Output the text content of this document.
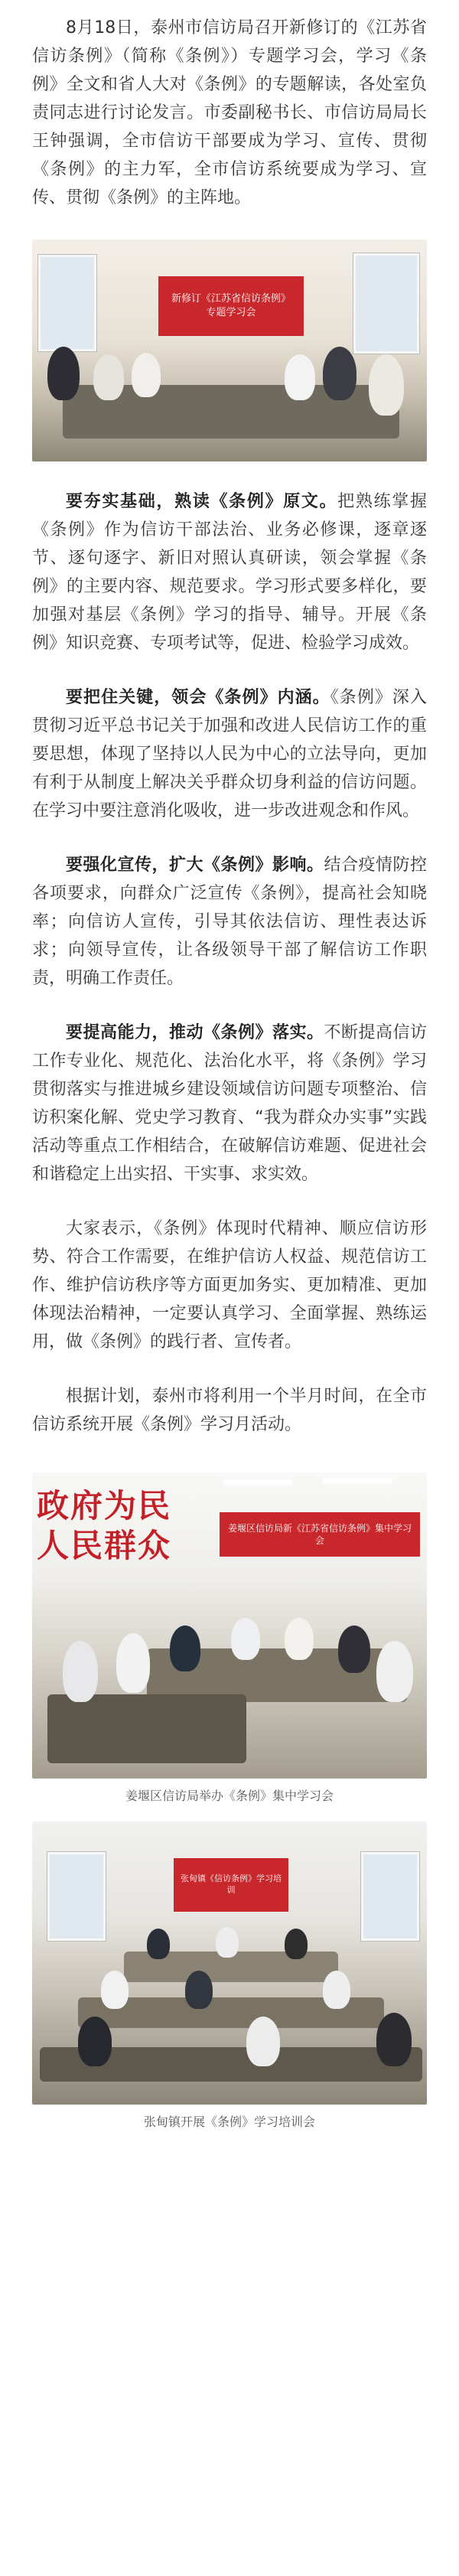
8月18日，泰州市信访局召开新修订的《江苏省信访条例》（简称《条例》）专题学习会，学习《条例》全文和省人大对《条例》的专题解读，各处室负责同志进行讨论发言。市委副秘书长、市信访局局长王钟强调，全市信访干部要成为学习、宣传、贯彻《条例》的主力军，全市信访系统要成为学习、宣传、贯彻《条例》的主阵地。

新修订《江苏省信访条例》
专题学习会

要夯实基础，熟读《条例》原文。把熟练掌握《条例》作为信访干部法治、业务必修课，逐章逐节、逐句逐字、新旧对照认真研读，领会掌握《条例》的主要内容、规范要求。学习形式要多样化，要加强对基层《条例》学习的指导、辅导。开展《条例》知识竞赛、专项考试等，促进、检验学习成效。

要把住关键，领会《条例》内涵。《条例》深入贯彻习近平总书记关于加强和改进人民信访工作的重要思想，体现了坚持以人民为中心的立法导向，更加有利于从制度上解决关乎群众切身利益的信访问题。在学习中要注意消化吸收，进一步改进观念和作风。

要强化宣传，扩大《条例》影响。结合疫情防控各项要求，向群众广泛宣传《条例》，提高社会知晓率；向信访人宣传，引导其依法信访、理性表达诉求；向领导宣传，让各级领导干部了解信访工作职责，明确工作责任。

要提高能力，推动《条例》落实。不断提高信访工作专业化、规范化、法治化水平，将《条例》学习贯彻落实与推进城乡建设领域信访问题专项整治、信访积案化解、党史学习教育、“我为群众办实事”实践活动等重点工作相结合，在破解信访难题、促进社会和谐稳定上出实招、干实事、求实效。

大家表示，《条例》体现时代精神、顺应信访形势、符合工作需要，在维护信访人权益、规范信访工作、维护信访秩序等方面更加务实、更加精准、更加体现法治精神，一定要认真学习、全面掌握、熟练运用，做《条例》的践行者、宣传者。

根据计划，泰州市将利用一个半月时间，在全市信访系统开展《条例》学习月活动。

政府为民
人民群众	姜堰区信访局新《江苏省信访条例》集中学习会
姜堰区信访局举办《条例》集中学习会
张甸镇《信访条例》学习培训
张甸镇开展《条例》学习培训会
